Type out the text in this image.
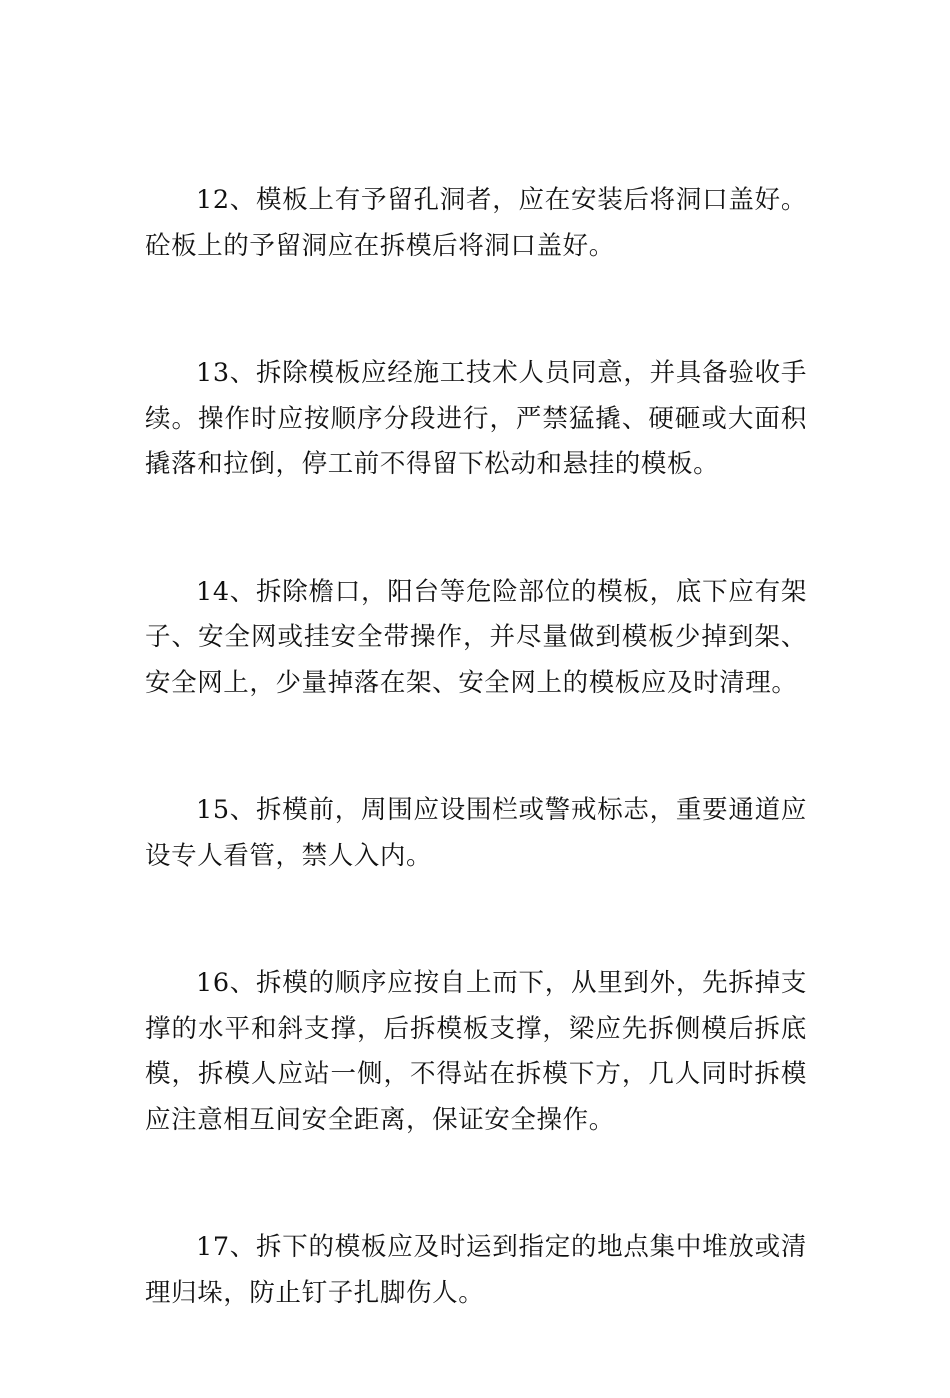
12、模板上有予留孔洞者，应在安装后将洞口盖好。砼板上的予留洞应在拆模后将洞口盖好。

13、拆除模板应经施工技术人员同意，并具备验收手续。操作时应按顺序分段进行，严禁猛撬、硬砸或大面积撬落和拉倒，停工前不得留下松动和悬挂的模板。

14、拆除檐口，阳台等危险部位的模板，底下应有架子、安全网或挂安全带操作，并尽量做到模板少掉到架、安全网上，少量掉落在架、安全网上的模板应及时清理。

15、拆模前，周围应设围栏或警戒标志，重要通道应设专人看管，禁人入内。

16、拆模的顺序应按自上而下，从里到外，先拆掉支撑的水平和斜支撑，后拆模板支撑，梁应先拆侧模后拆底模，拆模人应站一侧，不得站在拆模下方，几人同时拆模应注意相互间安全距离，保证安全操作。

17、拆下的模板应及时运到指定的地点集中堆放或清理归垛，防止钉子扎脚伤人。
